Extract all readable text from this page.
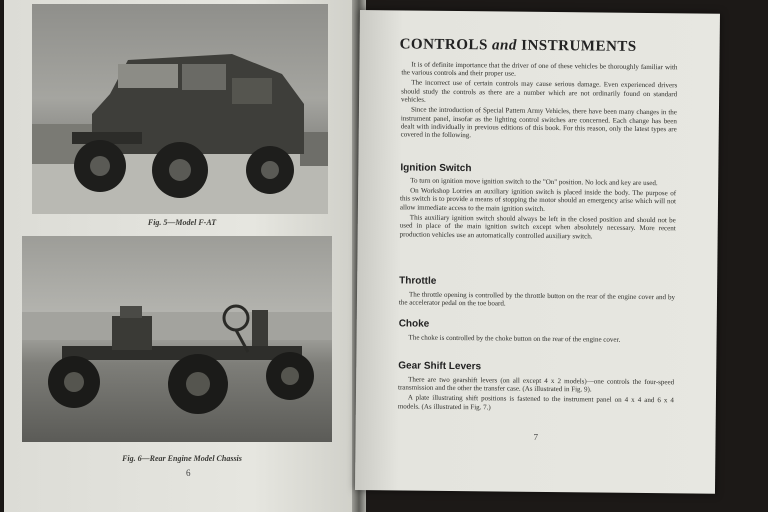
Fig. 5—Model F-AT
Fig. 6—Rear Engine Model Chassis
6
CONTROLS and INSTRUMENTS

It is of definite importance that the driver of one of these vehicles be thoroughly familiar with the various controls and their proper use.

The incorrect use of certain controls may cause serious damage. Even experienced drivers should study the controls as there are a number which are not ordinarily found on standard vehicles.

Since the introduction of Special Pattern Army Vehicles, there have been many changes in the instrument panel, insofar as the lighting control switches are concerned. Each change has been dealt with individually in previous editions of this book. For this reason, only the latest types are covered in the following.

Ignition Switch

To turn on ignition move ignition switch to the "On" position. No lock and key are used.

On Workshop Lorries an auxiliary ignition switch is placed inside the body. The purpose of this switch is to provide a means of stopping the motor should an emergency arise which will not allow immediate access to the main ignition switch.

This auxiliary ignition switch should always be left in the closed position and should not be used in place of the main ignition switch except when absolutely necessary. More recent production vehicles use an automatically controlled auxiliary switch.

Throttle

The throttle opening is controlled by the throttle button on the rear of the engine cover and by the accelerator pedal on the toe board.

Choke

The choke is controlled by the choke button on the rear of the engine cover.

Gear Shift Levers

There are two gearshift levers (on all except 4 x 2 models)—one controls the four-speed transmission and the other the transfer case. (As illustrated in Fig. 9).

A plate illustrating shift positions is fastened to the instrument panel on 4 x 4 and 6 x 4 models. (As illustrated in Fig. 7.)

7
